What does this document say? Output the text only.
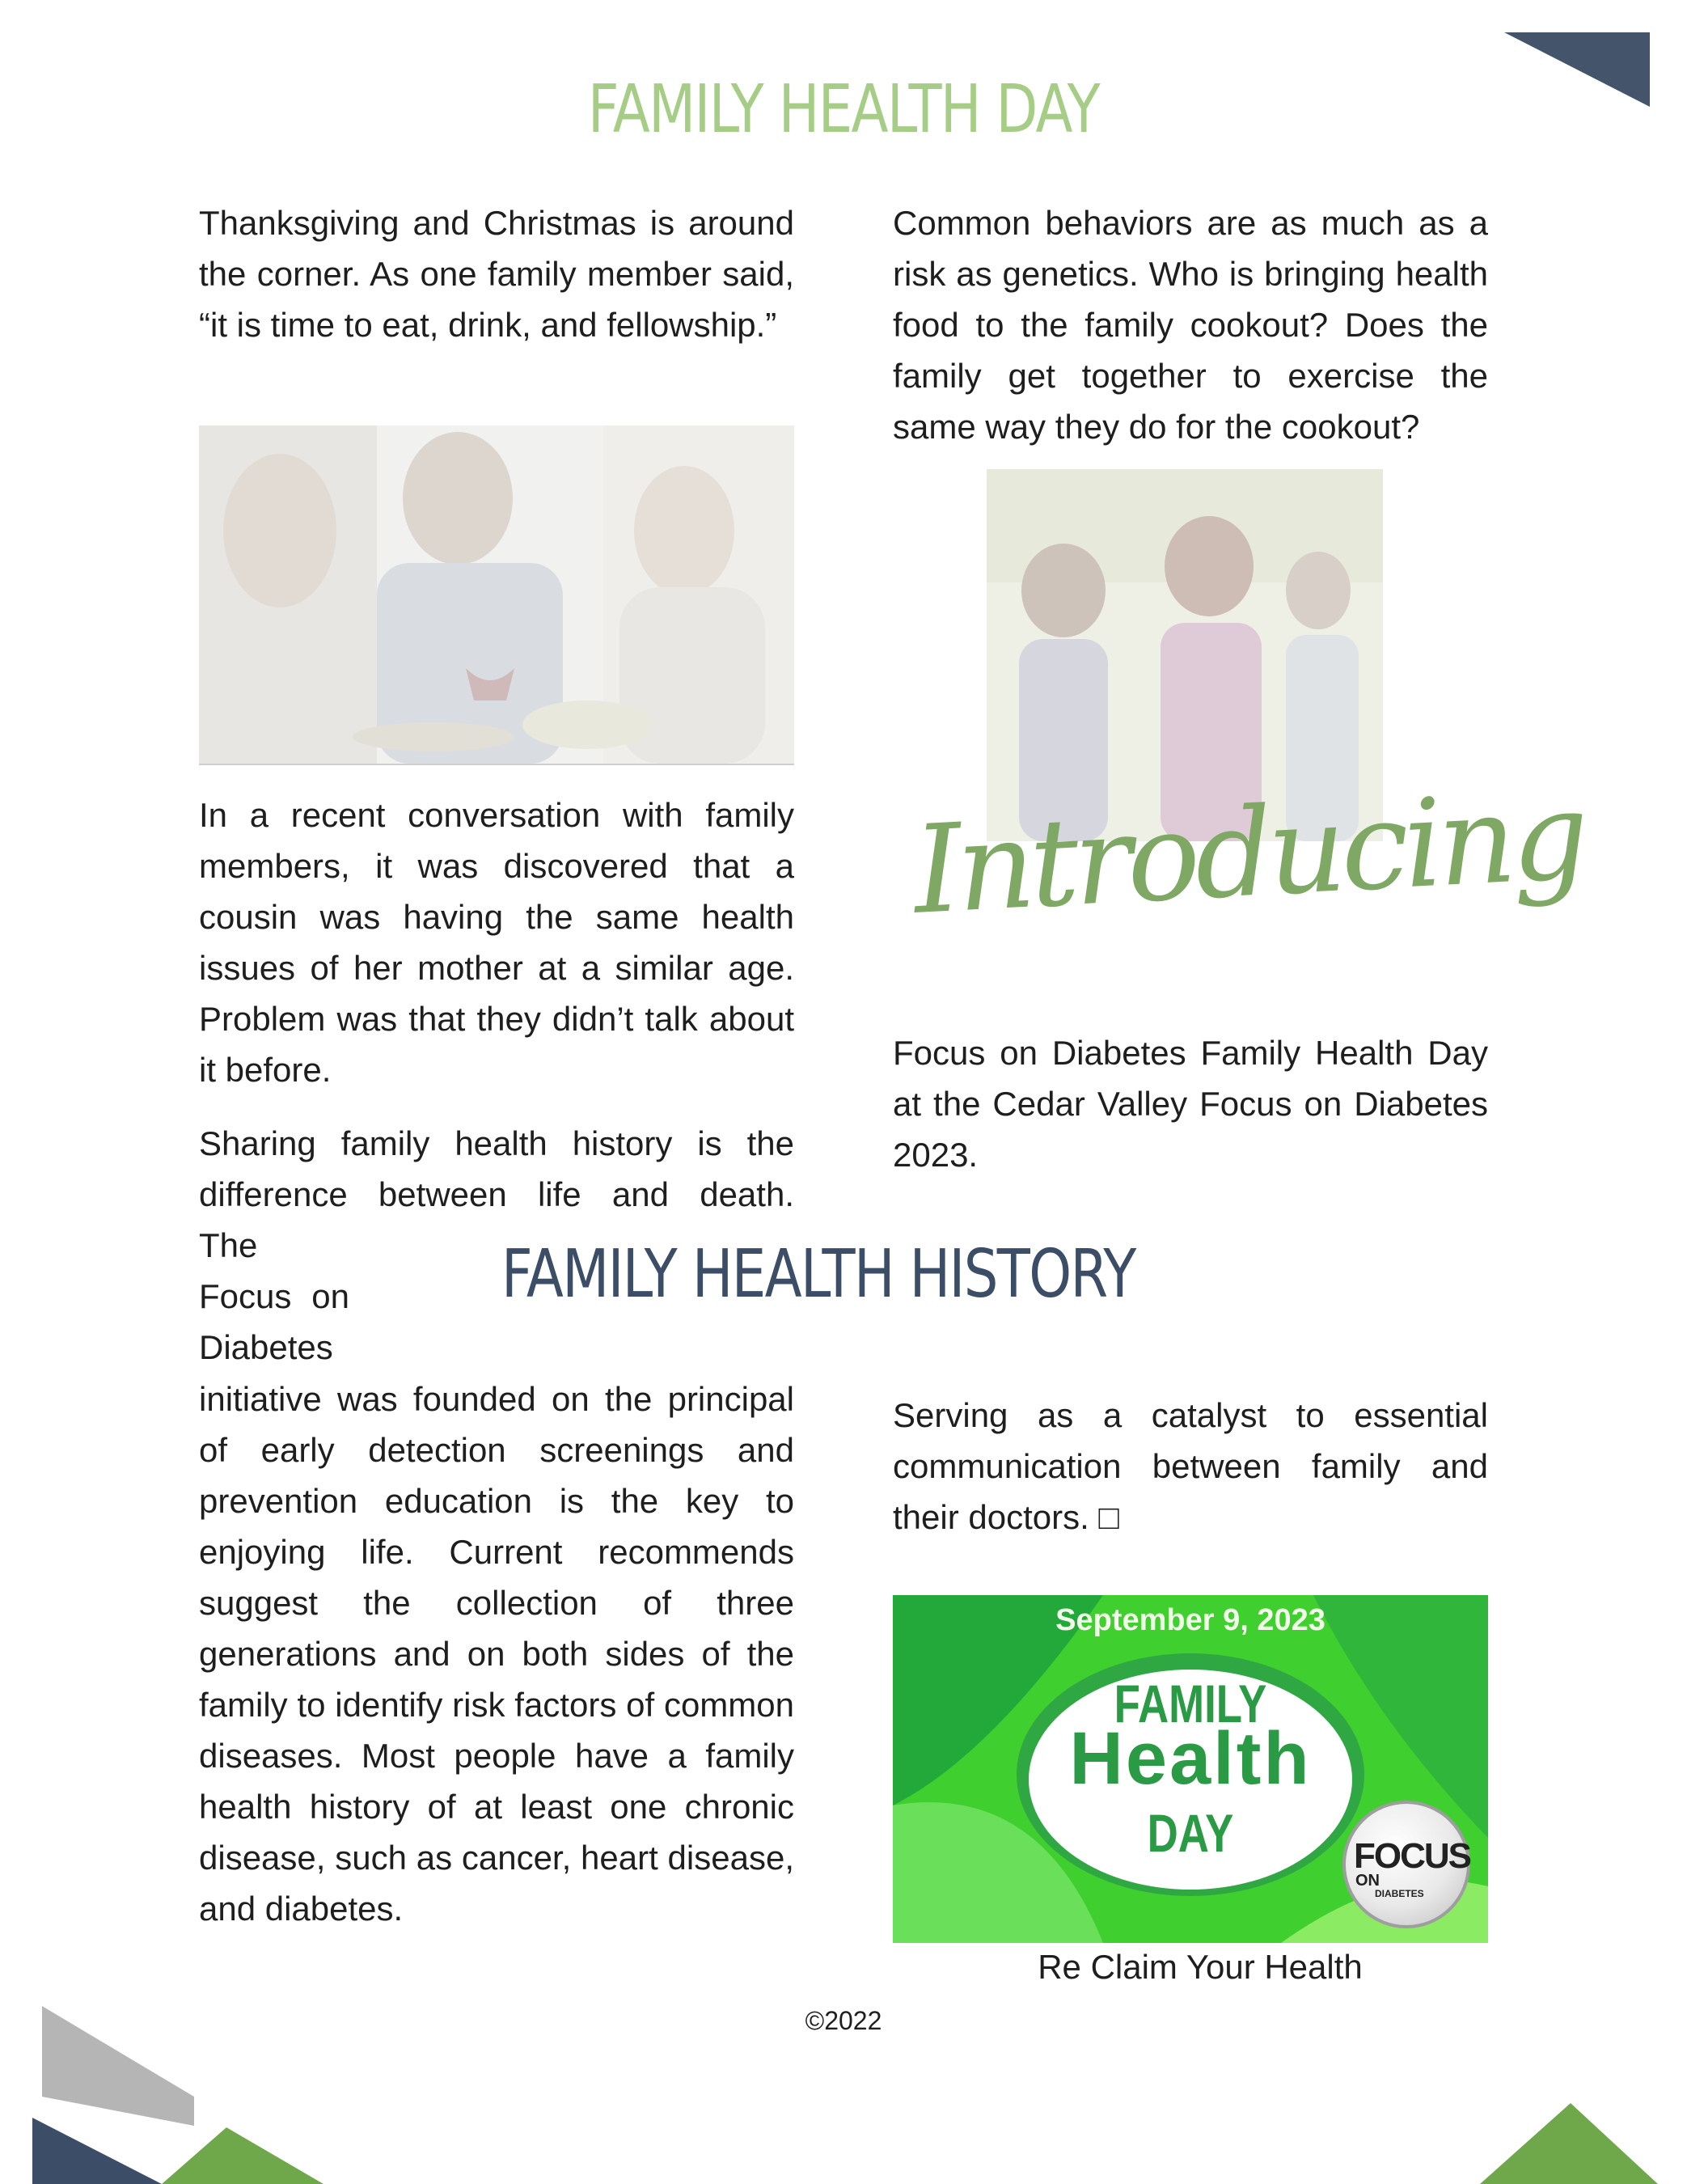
FAMILY HEALTH DAY

Thanksgiving and Christmas is around the corner. As one family member said, “it is time to eat, drink, and fellowship.”

In a recent conversation with family members, it was discovered that a cousin was having the same health issues of her mother at a similar age. Problem was that they didn’t talk about it before.

Sharing family health history is the

difference between life and death.

The

Focus on

Diabetes

FAMILY HEALTH HISTORY

initiative was founded on the principal of early detection screenings and prevention education is the key to enjoying life. Current recommends suggest the collection of three generations and on both sides of the family to identify risk factors of common diseases. Most people have a family health history of at least one chronic disease, such as cancer, heart disease, and diabetes.

Common behaviors are as much as a risk as genetics. Who is bringing health food to the family cookout? Does the family get together to exercise the same way they do for the cookout?

Introducing

Focus on Diabetes Family Health Day at the Cedar Valley Focus on Diabetes 2023.

Serving as a catalyst to essential communication between family and their doctors. □

September 9, 2023
FAMILY
Health
DAY	FOCUS
ON
DIABETES
Re Claim Your Health
©2022
